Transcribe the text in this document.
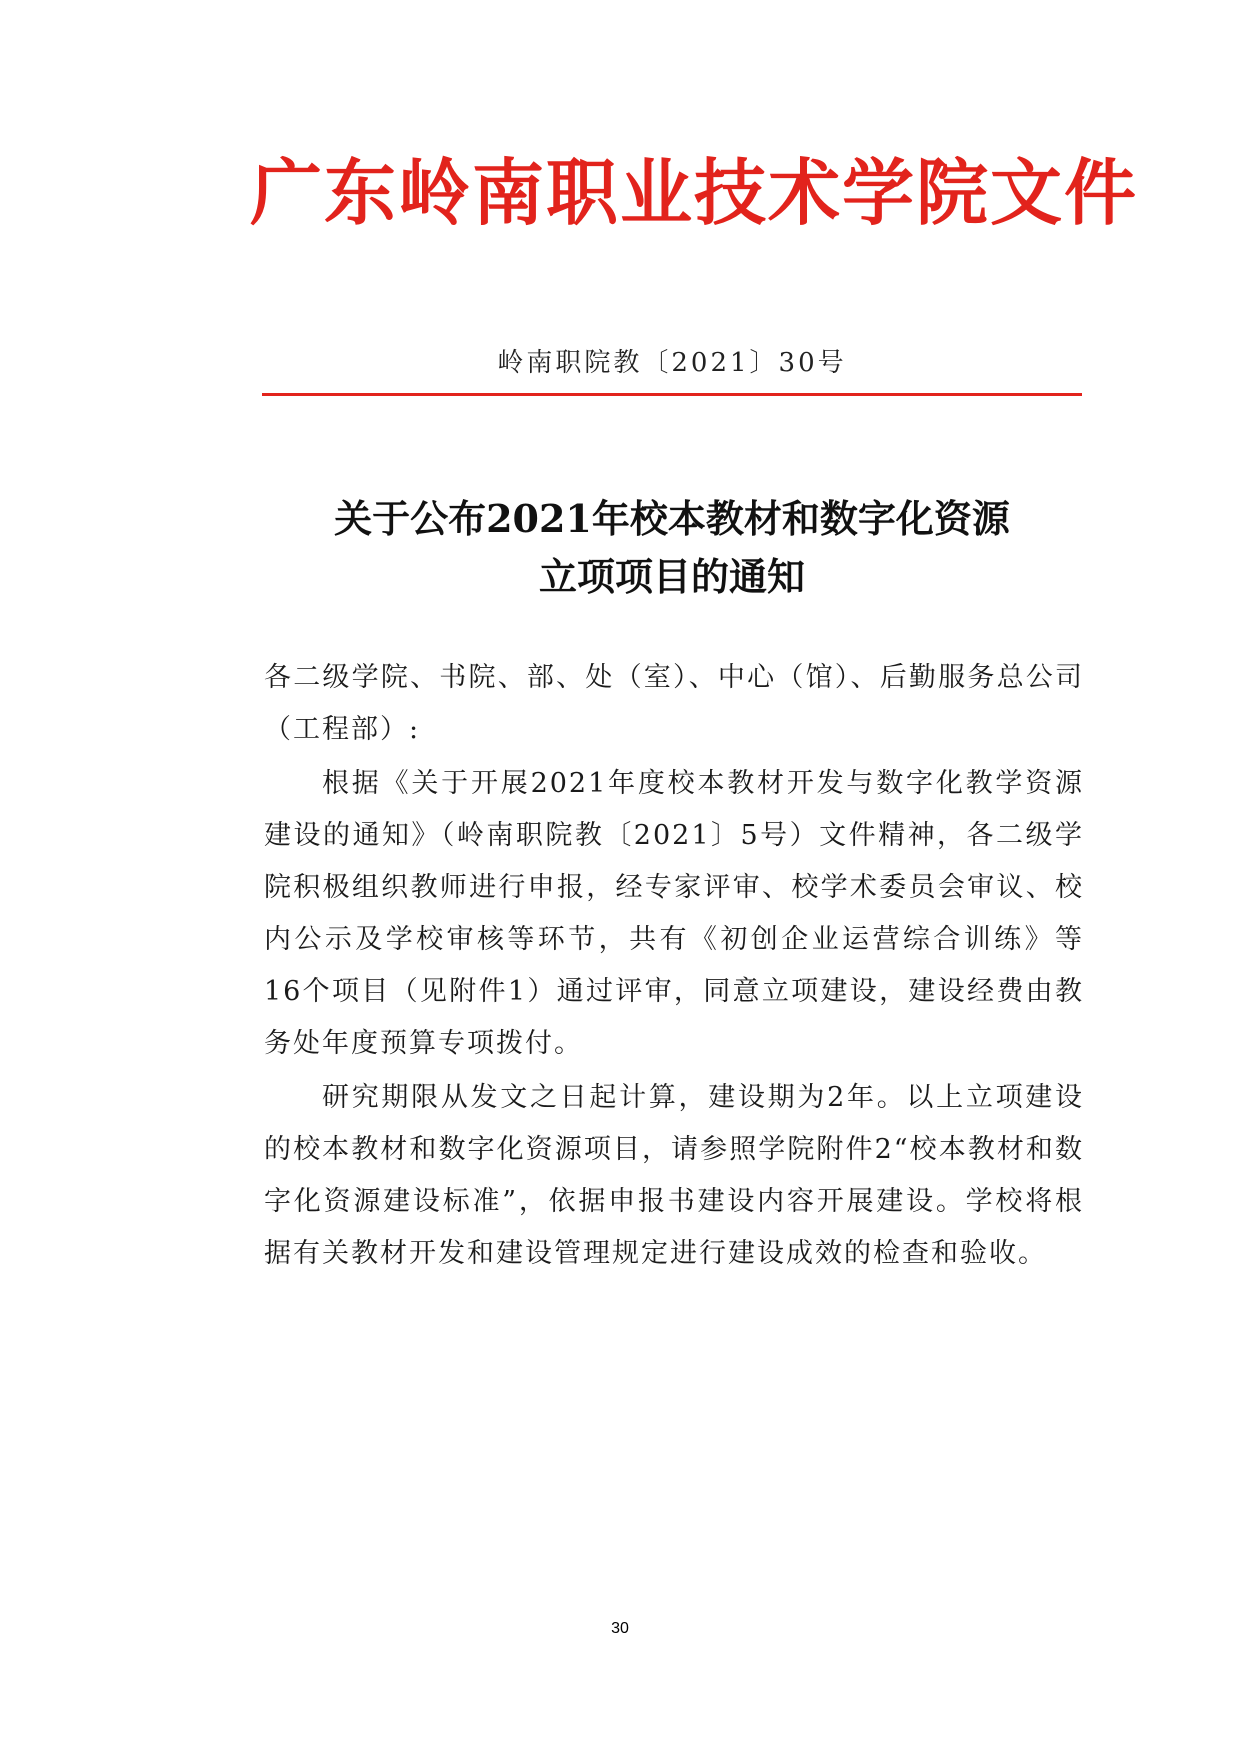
广东岭南职业技术学院文件
岭南职院教〔2021〕30号
关于公布2021年校本教材和数字化资源
立项项目的通知

各二级学院、书院、部、处（室）、中心（馆）、后勤服务总公司（工程部）:

根据《关于开展2021年度校本教材开发与数字化教学资源建设的通知》（岭南职院教〔2021〕5号）文件精神，各二级学院积极组织教师进行申报，经专家评审、校学术委员会审议、校内公示及学校审核等环节，共有《初创企业运营综合训练》等16个项目（见附件1）通过评审，同意立项建设，建设经费由教务处年度预算专项拨付。

研究期限从发文之日起计算，建设期为2年。以上立项建设的校本教材和数字化资源项目，请参照学院附件2“校本教材和数字化资源建设标准”，依据申报书建设内容开展建设。学校将根据有关教材开发和建设管理规定进行建设成效的检查和验收。

30
